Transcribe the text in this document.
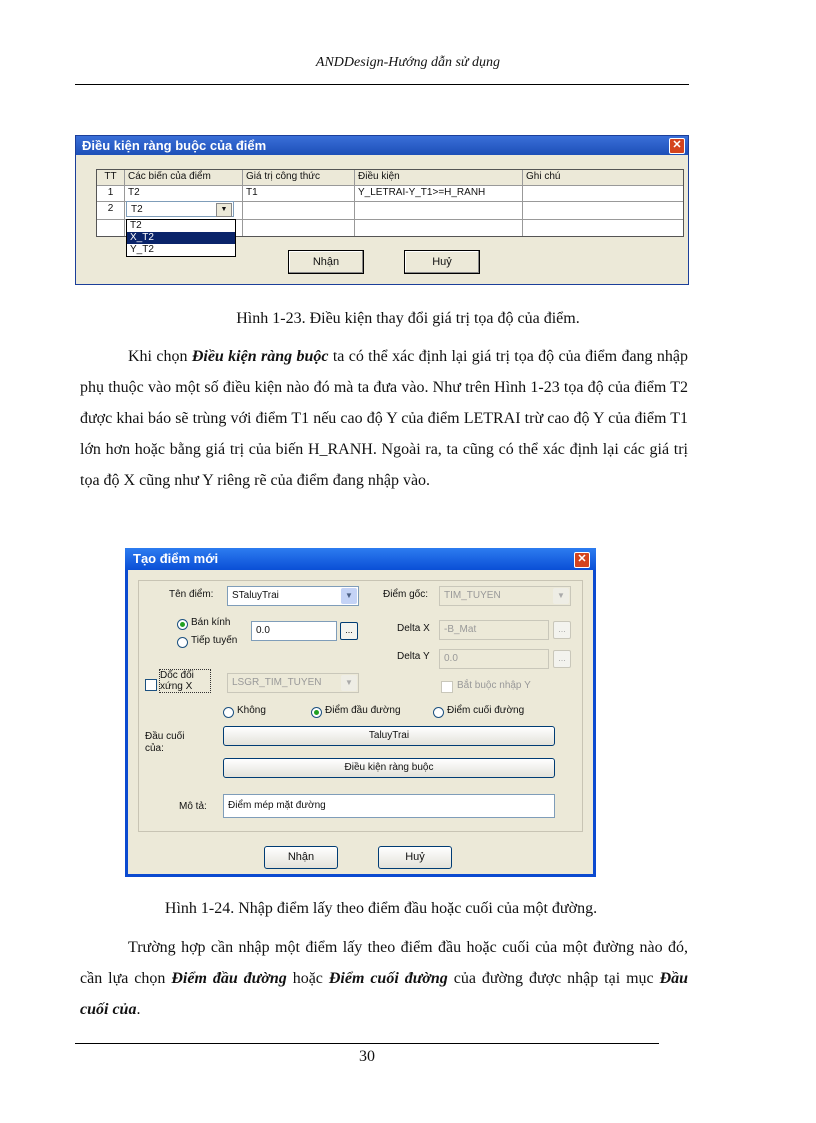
ANDDesign-Hướng dẫn sử dụng
Điều kiện ràng buộc của điểm	✕
TT	Các biến của điểm	Giá trị công thức	Điều kiện	Ghi chú
1	T2	T1	Y_LETRAI-Y_T1>=H_RANH
2	T2	▼
T2
X_T2
Y_T2
Nhận	Huỷ
Hình 1-23. Điều kiện thay đổi giá trị tọa độ của điểm.

Khi chọn Điều kiện ràng buộc ta có thể xác định lại giá trị tọa độ của điểm đang nhập phụ thuộc vào một số điều kiện nào đó mà ta đưa vào. Như trên Hình 1-23 tọa độ của điểm T2 được khai báo sẽ trùng với điểm T1 nếu cao độ Y của điểm LETRAI trừ cao độ Y của điểm T1 lớn hơn hoặc bằng giá trị của biến H_RANH. Ngoài ra, ta cũng có thể xác định lại các giá trị tọa độ X cũng như Y riêng rẽ của điểm đang nhập vào.

Tạo điểm mới	✕
Tên điểm:	STaluyTrai	▼	Điểm gốc:	TIM_TUYEN	▼
Bán kính
Tiếp tuyến
0.0	...	Delta X	-B_Mat	...
Delta Y	0.0	...
Dốc đối xứng X	LSGR_TIM_TUYEN	▼	Bắt buộc nhập Y
Không	Điểm đầu đường	Điểm cuối đường
Đầu cuối của:
TaluyTrai
Điều kiện ràng buộc
Mô tả:	Điểm mép mặt đường
Nhận	Huỷ
Hình 1-24. Nhập điểm lấy theo điểm đầu hoặc cuối của một đường.

Trường hợp cần nhập một điểm lấy theo điểm đầu hoặc cuối của một đường nào đó, cần lựa chọn Điểm đầu đường hoặc Điểm cuối đường của đường được nhập tại mục Đầu cuối của.

30
